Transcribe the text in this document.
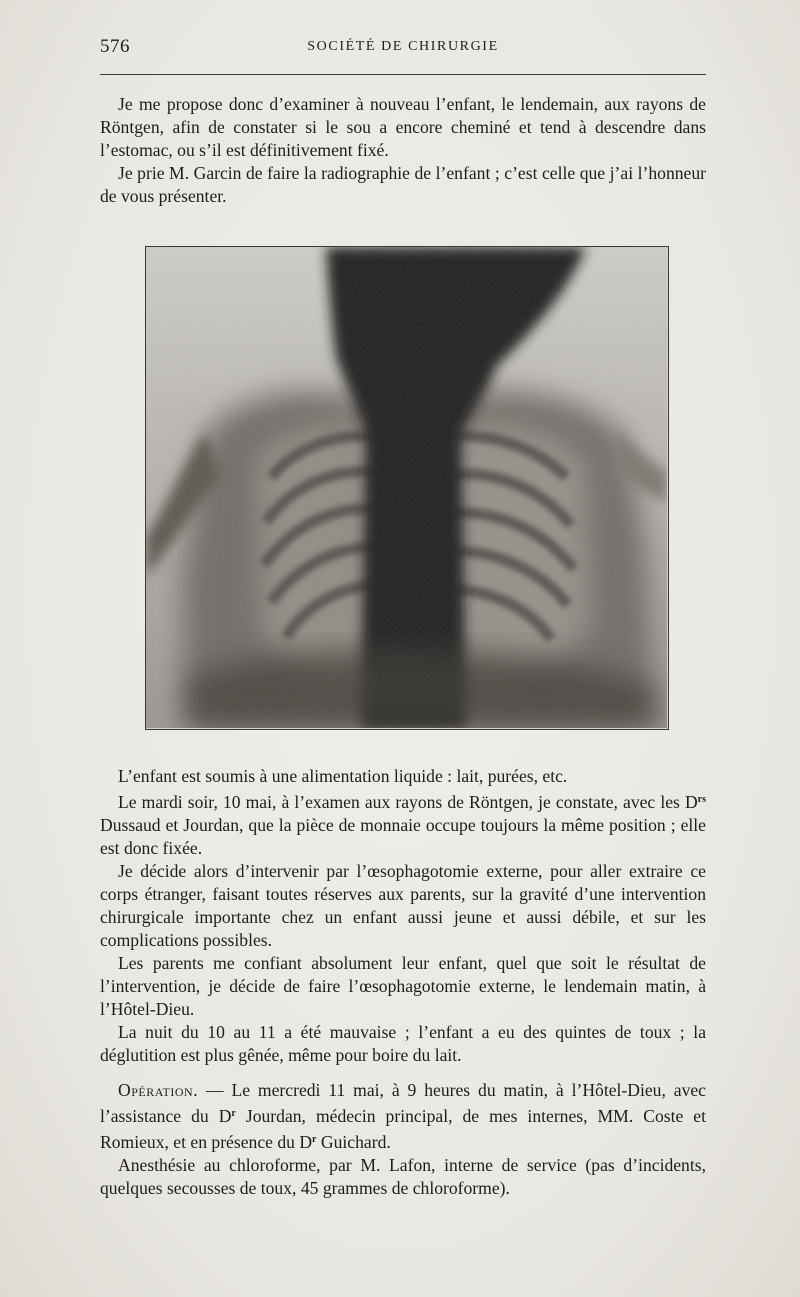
576	SOCIÉTÉ DE CHIRURGIE

Je me propose donc d’examiner à nouveau l’enfant, le lendemain, aux rayons de Röntgen, afin de constater si le sou a encore cheminé et tend à descendre dans l’estomac, ou s’il est définitivement fixé.

Je prie M. Garcin de faire la radiographie de l’enfant ; c’est celle que j’ai l’honneur de vous présenter.

L’enfant est soumis à une alimentation liquide : lait, purées, etc.

Le mardi soir, 10 mai, à l’examen aux rayons de Röntgen, je constate, avec les $D^{rs}$ Dussaud et Jourdan, que la pièce de monnaie occupe toujours la même position ; elle est donc fixée.

Je décide alors d’intervenir par l’œsophagotomie externe, pour aller extraire ce corps étranger, faisant toutes réserves aux parents, sur la gravité d’une intervention chirurgicale importante chez un enfant aussi jeune et aussi débile, et sur les complications possibles.

Les parents me confiant absolument leur enfant, quel que soit le résultat de l’intervention, je décide de faire l’œsophagotomie externe, le lendemain matin, à l’Hôtel-Dieu.

La nuit du 10 au 11 a été mauvaise ; l’enfant a eu des quintes de toux ; la déglutition est plus gênée, même pour boire du lait.

Opération. — Le mercredi 11 mai, à 9 heures du matin, à l’Hôtel-Dieu, avec l’assistance du $D^r$ Jourdan, médecin principal, de mes internes, MM. Coste et Romieux, et en présence du $D^r$ Guichard.

Anesthésie au chloroforme, par M. Lafon, interne de service (pas d’incidents, quelques secousses de toux, 45 grammes de chloroforme).
